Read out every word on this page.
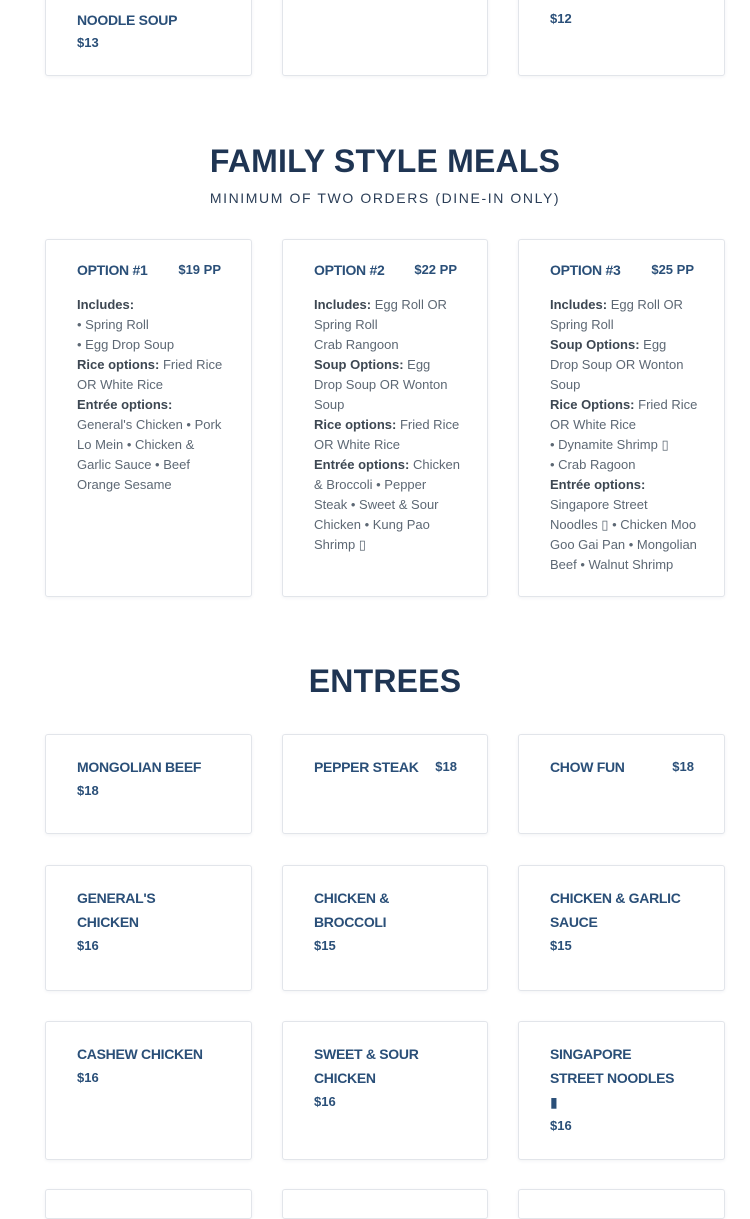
NOODLE SOUP
$13
$12
FAMILY STYLE MEALS
MINIMUM OF TWO ORDERS (DINE-IN ONLY)
OPTION #1 $19 PP
Includes:
• Spring Roll
• Egg Drop Soup
Rice options: Fried Rice OR White Rice
Entrée options: General's Chicken • Pork Lo Mein • Chicken & Garlic Sauce • Beef Orange Sesame
OPTION #2 $22 PP
Includes: Egg Roll OR Spring Roll
Crab Rangoon
Soup Options: Egg Drop Soup OR Wonton Soup
Rice options: Fried Rice OR White Rice
Entrée options: Chicken & Broccoli • Pepper Steak • Sweet & Sour Chicken • Kung Pao Shrimp ▯
OPTION #3 $25 PP
Includes: Egg Roll OR Spring Roll
Soup Options: Egg Drop Soup OR Wonton Soup
Rice Options: Fried Rice OR White Rice
• Dynamite Shrimp ▯
• Crab Ragoon
Entrée options: Singapore Street Noodles ▯ • Chicken Moo Goo Gai Pan • Mongolian Beef • Walnut Shrimp
ENTREES
MONGOLIAN BEEF
$18
PEPPER STEAK $18	CHOW FUN	$18
GENERAL'S CHICKEN
$16
CHICKEN & BROCCOLI
$15
CHICKEN & GARLIC SAUCE
$15
CASHEW CHICKEN
$16
SWEET & SOUR CHICKEN
$16
SINGAPORE STREET NOODLES ▮
$16
